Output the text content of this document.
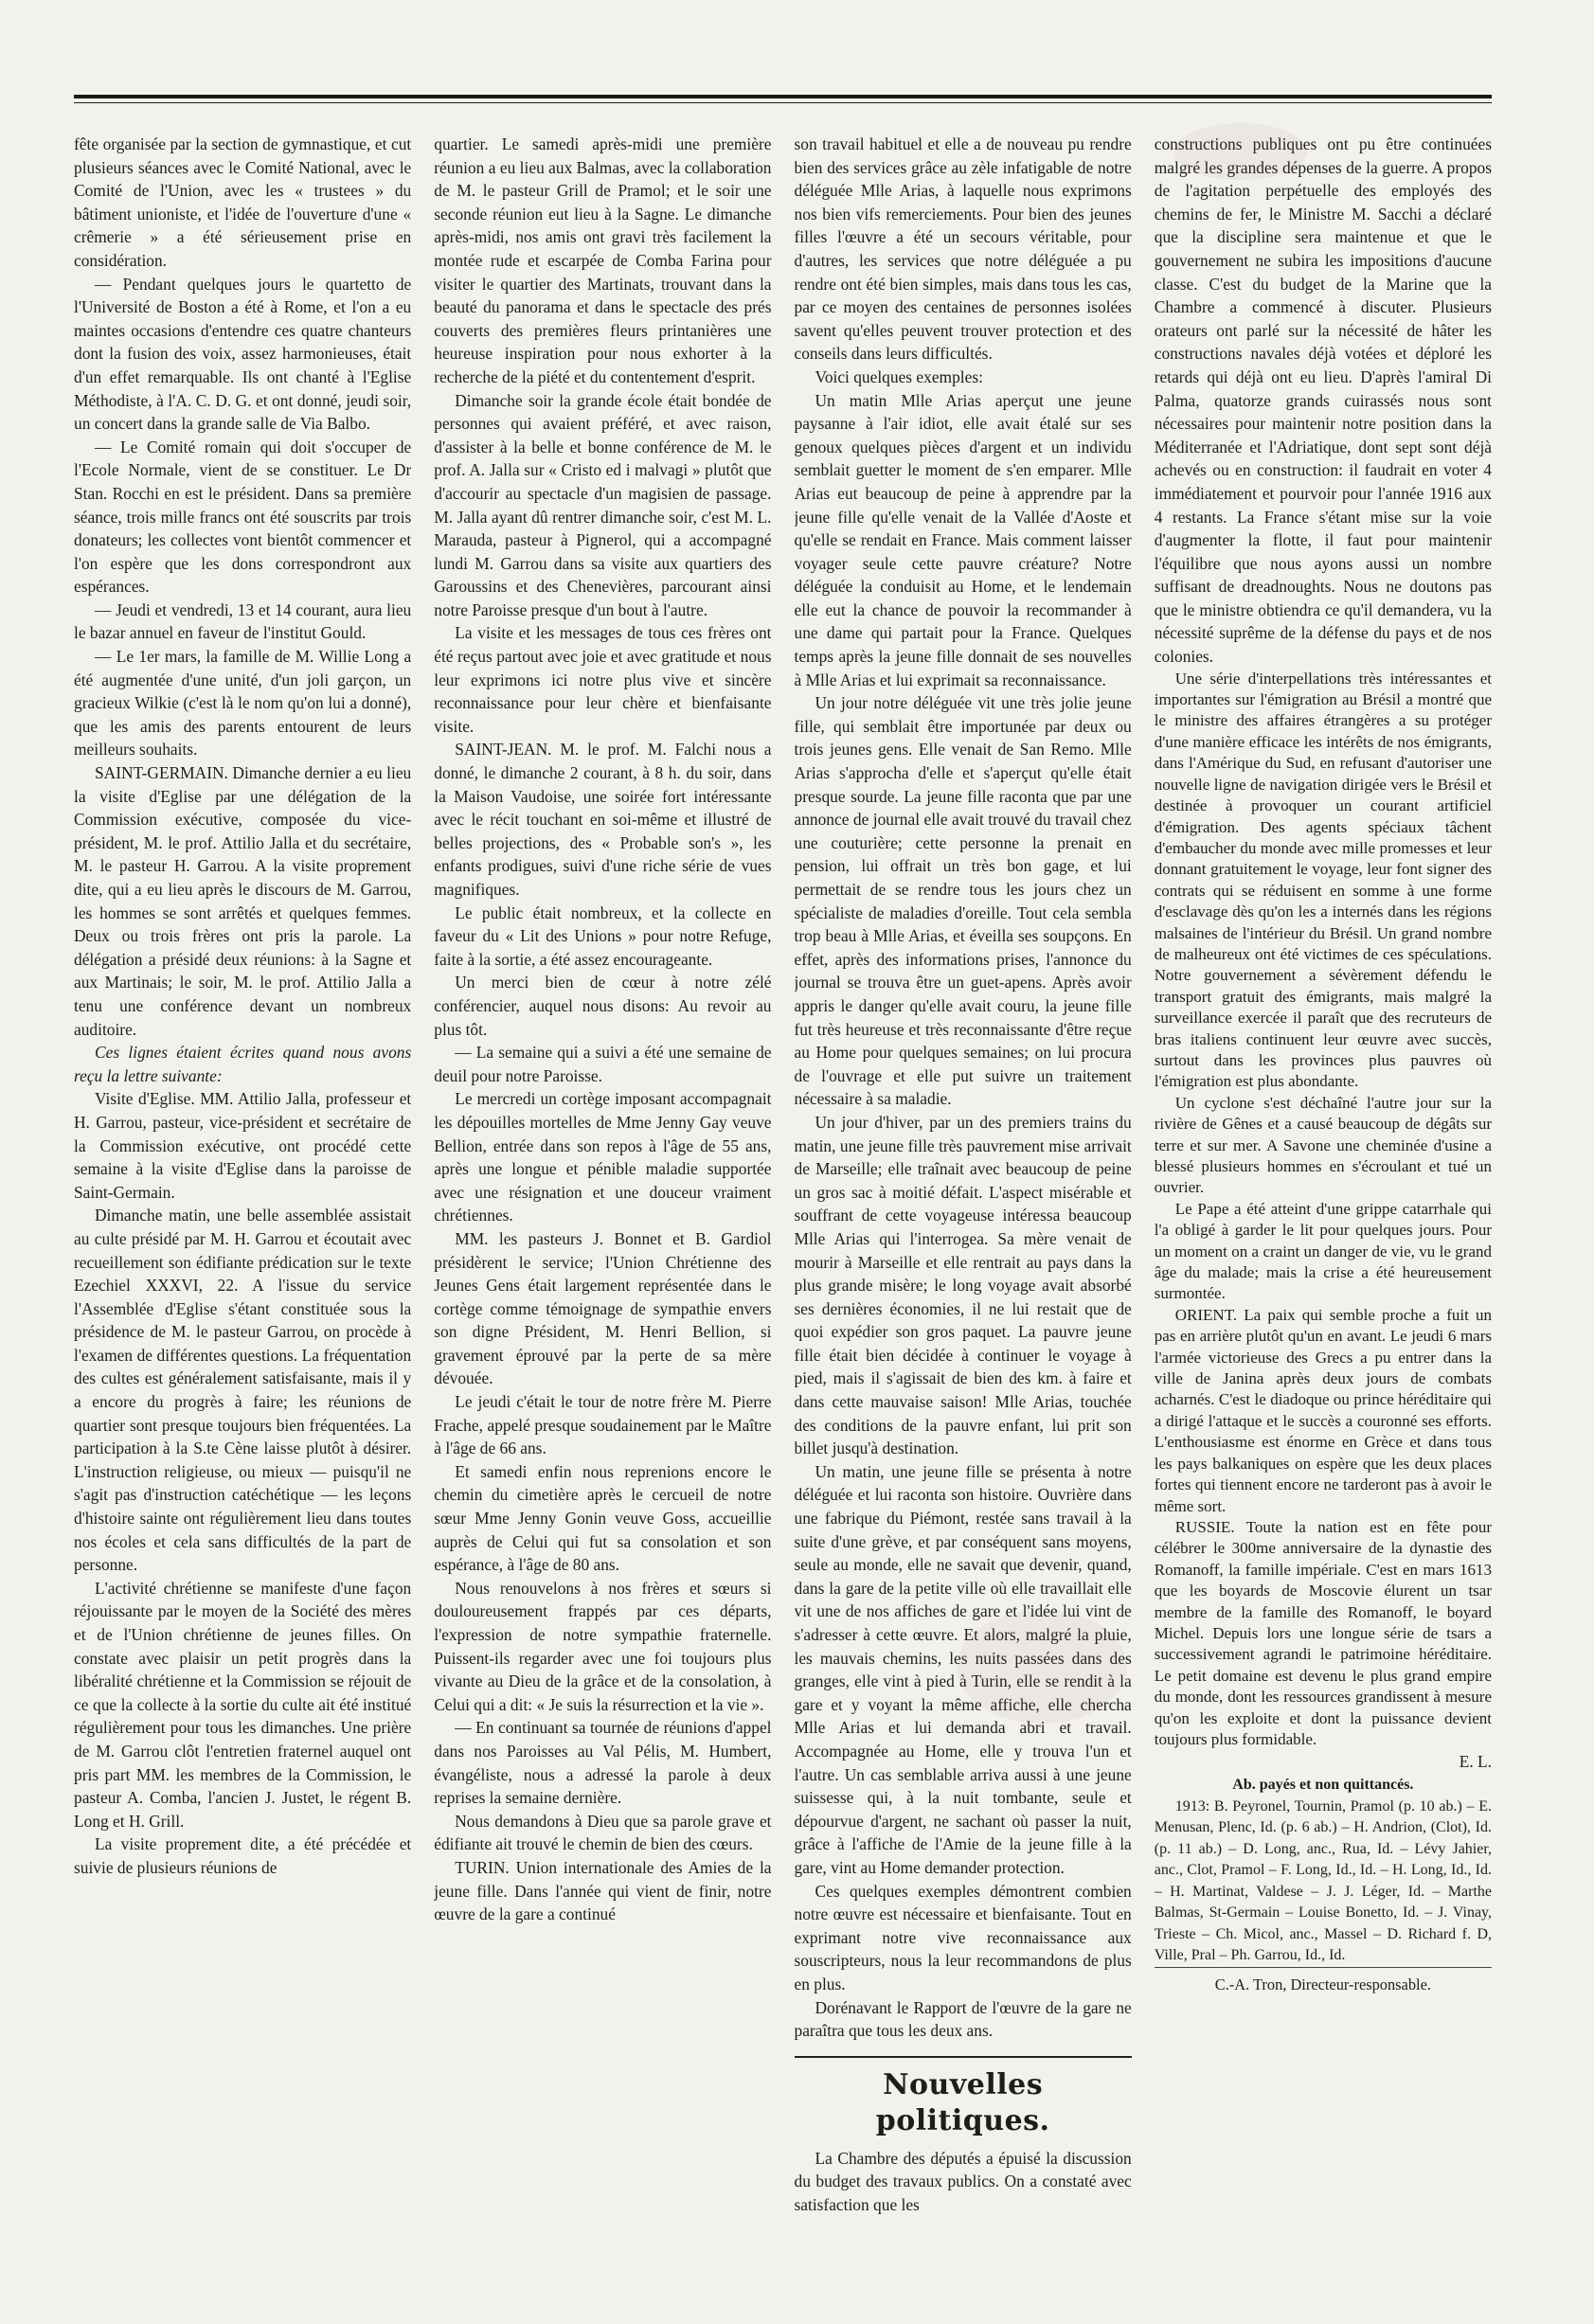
fête organisée par la section de gymnastique, et cut plusieurs séances avec le Comité National, avec le Comité de l'Union, avec les « trustees » du bâtiment unioniste, et l'idée de l'ouverture d'une « crêmerie » a été sérieusement prise en considération.

— Pendant quelques jours le quartetto de l'Université de Boston a été à Rome, et l'on a eu maintes occasions d'entendre ces quatre chanteurs dont la fusion des voix, assez harmonieuses, était d'un effet remarquable. Ils ont chanté à l'Eglise Méthodiste, à l'A. C. D. G. et ont donné, jeudi soir, un concert dans la grande salle de Via Balbo.

— Le Comité romain qui doit s'occuper de l'Ecole Normale, vient de se constituer. Le Dr Stan. Rocchi en est le président. Dans sa première séance, trois mille francs ont été souscrits par trois donateurs; les collectes vont bientôt commencer et l'on espère que les dons correspondront aux espérances.

— Jeudi et vendredi, 13 et 14 courant, aura lieu le bazar annuel en faveur de l'institut Gould.

— Le 1er mars, la famille de M. Willie Long a été augmentée d'une unité, d'un joli garçon, un gracieux Wilkie (c'est là le nom qu'on lui a donné), que les amis des parents entourent de leurs meilleurs souhaits.

SAINT-GERMAIN. Dimanche dernier a eu lieu la visite d'Eglise par une délégation de la Commission exécutive, composée du vice-président, M. le prof. Attilio Jalla et du secrétaire, M. le pasteur H. Garrou. A la visite proprement dite, qui a eu lieu après le discours de M. Garrou, les hommes se sont arrêtés et quelques femmes. Deux ou trois frères ont pris la parole. La délégation a présidé deux réunions: à la Sagne et aux Martinais; le soir, M. le prof. Attilio Jalla a tenu une conférence devant un nombreux auditoire.

Ces lignes étaient écrites quand nous avons reçu la lettre suivante:

Visite d'Eglise. MM. Attilio Jalla, professeur et H. Garrou, pasteur, vice-président et secrétaire de la Commission exécutive, ont procédé cette semaine à la visite d'Eglise dans la paroisse de Saint-Germain.

Dimanche matin, une belle assemblée assistait au culte présidé par M. H. Garrou et écoutait avec recueillement son édifiante prédication sur le texte Ezechiel XXXVI, 22. A l'issue du service l'Assemblée d'Eglise s'étant constituée sous la présidence de M. le pasteur Garrou, on procède à l'examen de différentes questions. La fréquentation des cultes est généralement satisfaisante, mais il y a encore du progrès à faire; les réunions de quartier sont presque toujours bien fréquentées. La participation à la S.te Cène laisse plutôt à désirer. L'instruction religieuse, ou mieux — puisqu'il ne s'agit pas d'instruction catéchétique — les leçons d'histoire sainte ont régulièrement lieu dans toutes nos écoles et cela sans difficultés de la part de personne.

L'activité chrétienne se manifeste d'une façon réjouissante par le moyen de la Société des mères et de l'Union chrétienne de jeunes filles. On constate avec plaisir un petit progrès dans la libéralité chrétienne et la Commission se réjouit de ce que la collecte à la sortie du culte ait été institué régulièrement pour tous les dimanches. Une prière de M. Garrou clôt l'entretien fraternel auquel ont pris part MM. les membres de la Commission, le pasteur A. Comba, l'ancien J. Justet, le régent B. Long et H. Grill.

La visite proprement dite, a été précédée et suivie de plusieurs réunions de

quartier. Le samedi après-midi une première réunion a eu lieu aux Balmas, avec la collaboration de M. le pasteur Grill de Pramol; et le soir une seconde réunion eut lieu à la Sagne. Le dimanche après-midi, nos amis ont gravi très facilement la montée rude et escarpée de Comba Farina pour visiter le quartier des Martinats, trouvant dans la beauté du panorama et dans le spectacle des prés couverts des premières fleurs printanières une heureuse inspiration pour nous exhorter à la recherche de la piété et du contentement d'esprit.

Dimanche soir la grande école était bondée de personnes qui avaient préféré, et avec raison, d'assister à la belle et bonne conférence de M. le prof. A. Jalla sur « Cristo ed i malvagi » plutôt que d'accourir au spectacle d'un magisien de passage. M. Jalla ayant dû rentrer dimanche soir, c'est M. L. Marauda, pasteur à Pignerol, qui a accompagné lundi M. Garrou dans sa visite aux quartiers des Garoussins et des Chenevières, parcourant ainsi notre Paroisse presque d'un bout à l'autre.

La visite et les messages de tous ces frères ont été reçus partout avec joie et avec gratitude et nous leur exprimons ici notre plus vive et sincère reconnaissance pour leur chère et bienfaisante visite.

SAINT-JEAN. M. le prof. M. Falchi nous a donné, le dimanche 2 courant, à 8 h. du soir, dans la Maison Vaudoise, une soirée fort intéressante avec le récit touchant en soi-même et illustré de belles projections, des « Probable son's », les enfants prodigues, suivi d'une riche série de vues magnifiques.

Le public était nombreux, et la collecte en faveur du « Lit des Unions » pour notre Refuge, faite à la sortie, a été assez encourageante.

Un merci bien de cœur à notre zélé conférencier, auquel nous disons: Au revoir au plus tôt.

— La semaine qui a suivi a été une semaine de deuil pour notre Paroisse.

Le mercredi un cortège imposant accompagnait les dépouilles mortelles de Mme Jenny Gay veuve Bellion, entrée dans son repos à l'âge de 55 ans, après une longue et pénible maladie supportée avec une résignation et une douceur vraiment chrétiennes.

MM. les pasteurs J. Bonnet et B. Gardiol présidèrent le service; l'Union Chrétienne des Jeunes Gens était largement représentée dans le cortège comme témoignage de sympathie envers son digne Président, M. Henri Bellion, si gravement éprouvé par la perte de sa mère dévouée.

Le jeudi c'était le tour de notre frère M. Pierre Frache, appelé presque soudainement par le Maître à l'âge de 66 ans.

Et samedi enfin nous reprenions encore le chemin du cimetière après le cercueil de notre sœur Mme Jenny Gonin veuve Goss, accueillie auprès de Celui qui fut sa consolation et son espérance, à l'âge de 80 ans.

Nous renouvelons à nos frères et sœurs si douloureusement frappés par ces départs, l'expression de notre sympathie fraternelle. Puissent-ils regarder avec une foi toujours plus vivante au Dieu de la grâce et de la consolation, à Celui qui a dit: « Je suis la résurrection et la vie ».

— En continuant sa tournée de réunions d'appel dans nos Paroisses au Val Pélis, M. Humbert, évangéliste, nous a adressé la parole à deux reprises la semaine dernière.

Nous demandons à Dieu que sa parole grave et édifiante ait trouvé le chemin de bien des cœurs.

TURIN. Union internationale des Amies de la jeune fille. Dans l'année qui vient de finir, notre œuvre de la gare a continué

son travail habituel et elle a de nouveau pu rendre bien des services grâce au zèle infatigable de notre déléguée Mlle Arias, à laquelle nous exprimons nos bien vifs remerciements. Pour bien des jeunes filles l'œuvre a été un secours véritable, pour d'autres, les services que notre déléguée a pu rendre ont été bien simples, mais dans tous les cas, par ce moyen des centaines de personnes isolées savent qu'elles peuvent trouver protection et des conseils dans leurs difficultés.

Voici quelques exemples:

Un matin Mlle Arias aperçut une jeune paysanne à l'air idiot, elle avait étalé sur ses genoux quelques pièces d'argent et un individu semblait guetter le moment de s'en emparer. Mlle Arias eut beaucoup de peine à apprendre par la jeune fille qu'elle venait de la Vallée d'Aoste et qu'elle se rendait en France. Mais comment laisser voyager seule cette pauvre créature? Notre déléguée la conduisit au Home, et le lendemain elle eut la chance de pouvoir la recommander à une dame qui partait pour la France. Quelques temps après la jeune fille donnait de ses nouvelles à Mlle Arias et lui exprimait sa reconnaissance.

Un jour notre déléguée vit une très jolie jeune fille, qui semblait être importunée par deux ou trois jeunes gens. Elle venait de San Remo. Mlle Arias s'approcha d'elle et s'aperçut qu'elle était presque sourde. La jeune fille raconta que par une annonce de journal elle avait trouvé du travail chez une couturière; cette personne la prenait en pension, lui offrait un très bon gage, et lui permettait de se rendre tous les jours chez un spécialiste de maladies d'oreille. Tout cela sembla trop beau à Mlle Arias, et éveilla ses soupçons. En effet, après des informations prises, l'annonce du journal se trouva être un guet-apens. Après avoir appris le danger qu'elle avait couru, la jeune fille fut très heureuse et très reconnaissante d'être reçue au Home pour quelques semaines; on lui procura de l'ouvrage et elle put suivre un traitement nécessaire à sa maladie.

Un jour d'hiver, par un des premiers trains du matin, une jeune fille très pauvrement mise arrivait de Marseille; elle traînait avec beaucoup de peine un gros sac à moitié défait. L'aspect misérable et souffrant de cette voyageuse intéressa beaucoup Mlle Arias qui l'interrogea. Sa mère venait de mourir à Marseille et elle rentrait au pays dans la plus grande misère; le long voyage avait absorbé ses dernières économies, il ne lui restait que de quoi expédier son gros paquet. La pauvre jeune fille était bien décidée à continuer le voyage à pied, mais il s'agissait de bien des km. à faire et dans cette mauvaise saison! Mlle Arias, touchée des conditions de la pauvre enfant, lui prit son billet jusqu'à destination.

Un matin, une jeune fille se présenta à notre déléguée et lui raconta son histoire. Ouvrière dans une fabrique du Piémont, restée sans travail à la suite d'une grève, et par conséquent sans moyens, seule au monde, elle ne savait que devenir, quand, dans la gare de la petite ville où elle travaillait elle vit une de nos affiches de gare et l'idée lui vint de s'adresser à cette œuvre. Et alors, malgré la pluie, les mauvais chemins, les nuits passées dans des granges, elle vint à pied à Turin, elle se rendit à la gare et y voyant la même affiche, elle chercha Mlle Arias et lui demanda abri et travail. Accompagnée au Home, elle y trouva l'un et l'autre. Un cas semblable arriva aussi à une jeune suissesse qui, à la nuit tombante, seule et dépourvue d'argent, ne sachant où passer la nuit, grâce à l'affiche de l'Amie de la jeune fille à la gare, vint au Home demander protection.

Ces quelques exemples démontrent combien notre œuvre est nécessaire et bienfaisante. Tout en exprimant notre vive reconnaissance aux souscripteurs, nous la leur recommandons de plus en plus.

Dorénavant le Rapport de l'œuvre de la gare ne paraîtra que tous les deux ans.

Nouvelles politiques.

La Chambre des députés a épuisé la discussion du budget des travaux publics. On a constaté avec satisfaction que les

constructions publiques ont pu être continuées malgré les grandes dépenses de la guerre. A propos de l'agitation perpétuelle des employés des chemins de fer, le Ministre M. Sacchi a déclaré que la discipline sera maintenue et que le gouvernement ne subira les impositions d'aucune classe. C'est du budget de la Marine que la Chambre a commencé à discuter. Plusieurs orateurs ont parlé sur la nécessité de hâter les constructions navales déjà votées et déploré les retards qui déjà ont eu lieu. D'après l'amiral Di Palma, quatorze grands cuirassés nous sont nécessaires pour maintenir notre position dans la Méditerranée et l'Adriatique, dont sept sont déjà achevés ou en construction: il faudrait en voter 4 immédiatement et pourvoir pour l'année 1916 aux 4 restants. La France s'étant mise sur la voie d'augmenter la flotte, il faut pour maintenir l'équilibre que nous ayons aussi un nombre suffisant de dreadnoughts. Nous ne doutons pas que le ministre obtiendra ce qu'il demandera, vu la nécessité suprême de la défense du pays et de nos colonies.

Une série d'interpellations très intéressantes et importantes sur l'émigration au Brésil a montré que le ministre des affaires étrangères a su protéger d'une manière efficace les intérêts de nos émigrants, dans l'Amérique du Sud, en refusant d'autoriser une nouvelle ligne de navigation dirigée vers le Brésil et destinée à provoquer un courant artificiel d'émigration. Des agents spéciaux tâchent d'embaucher du monde avec mille promesses et leur donnant gratuitement le voyage, leur font signer des contrats qui se réduisent en somme à une forme d'esclavage dès qu'on les a internés dans les régions malsaines de l'intérieur du Brésil. Un grand nombre de malheureux ont été victimes de ces spéculations. Notre gouvernement a sévèrement défendu le transport gratuit des émigrants, mais malgré la surveillance exercée il paraît que des recruteurs de bras italiens continuent leur œuvre avec succès, surtout dans les provinces plus pauvres où l'émigration est plus abondante.

Un cyclone s'est déchaîné l'autre jour sur la rivière de Gênes et a causé beaucoup de dégâts sur terre et sur mer. A Savone une cheminée d'usine a blessé plusieurs hommes en s'écroulant et tué un ouvrier.

Le Pape a été atteint d'une grippe catarrhale qui l'a obligé à garder le lit pour quelques jours. Pour un moment on a craint un danger de vie, vu le grand âge du malade; mais la crise a été heureusement surmontée.

ORIENT. La paix qui semble proche a fuit un pas en arrière plutôt qu'un en avant. Le jeudi 6 mars l'armée victorieuse des Grecs a pu entrer dans la ville de Janina après deux jours de combats acharnés. C'est le diadoque ou prince héréditaire qui a dirigé l'attaque et le succès a couronné ses efforts. L'enthousiasme est énorme en Grèce et dans tous les pays balkaniques on espère que les deux places fortes qui tiennent encore ne tarderont pas à avoir le même sort.

RUSSIE. Toute la nation est en fête pour célébrer le 300me anniversaire de la dynastie des Romanoff, la famille impériale. C'est en mars 1613 que les boyards de Moscovie élurent un tsar membre de la famille des Romanoff, le boyard Michel. Depuis lors une longue série de tsars a successivement agrandi le patrimoine héréditaire. Le petit domaine est devenu le plus grand empire du monde, dont les ressources grandissent à mesure qu'on les exploite et dont la puissance devient toujours plus formidable.

E. L.

Ab. payés et non quittancés.

1913: B. Peyronel, Tournin, Pramol (p. 10 ab.) – E. Menusan, Plenc, Id. (p. 6 ab.) – H. Andrion, (Clot), Id. (p. 11 ab.) – D. Long, anc., Rua, Id. – Lévy Jahier, anc., Clot, Pramol – F. Long, Id., Id. – H. Long, Id., Id. – H. Martinat, Valdese – J. J. Léger, Id. – Marthe Balmas, St-Germain – Louise Bonetto, Id. – J. Vinay, Trieste – Ch. Micol, anc., Massel – D. Richard f. D, Ville, Pral – Ph. Garrou, Id., Id.

C.-A. Tron, Directeur-responsable.
